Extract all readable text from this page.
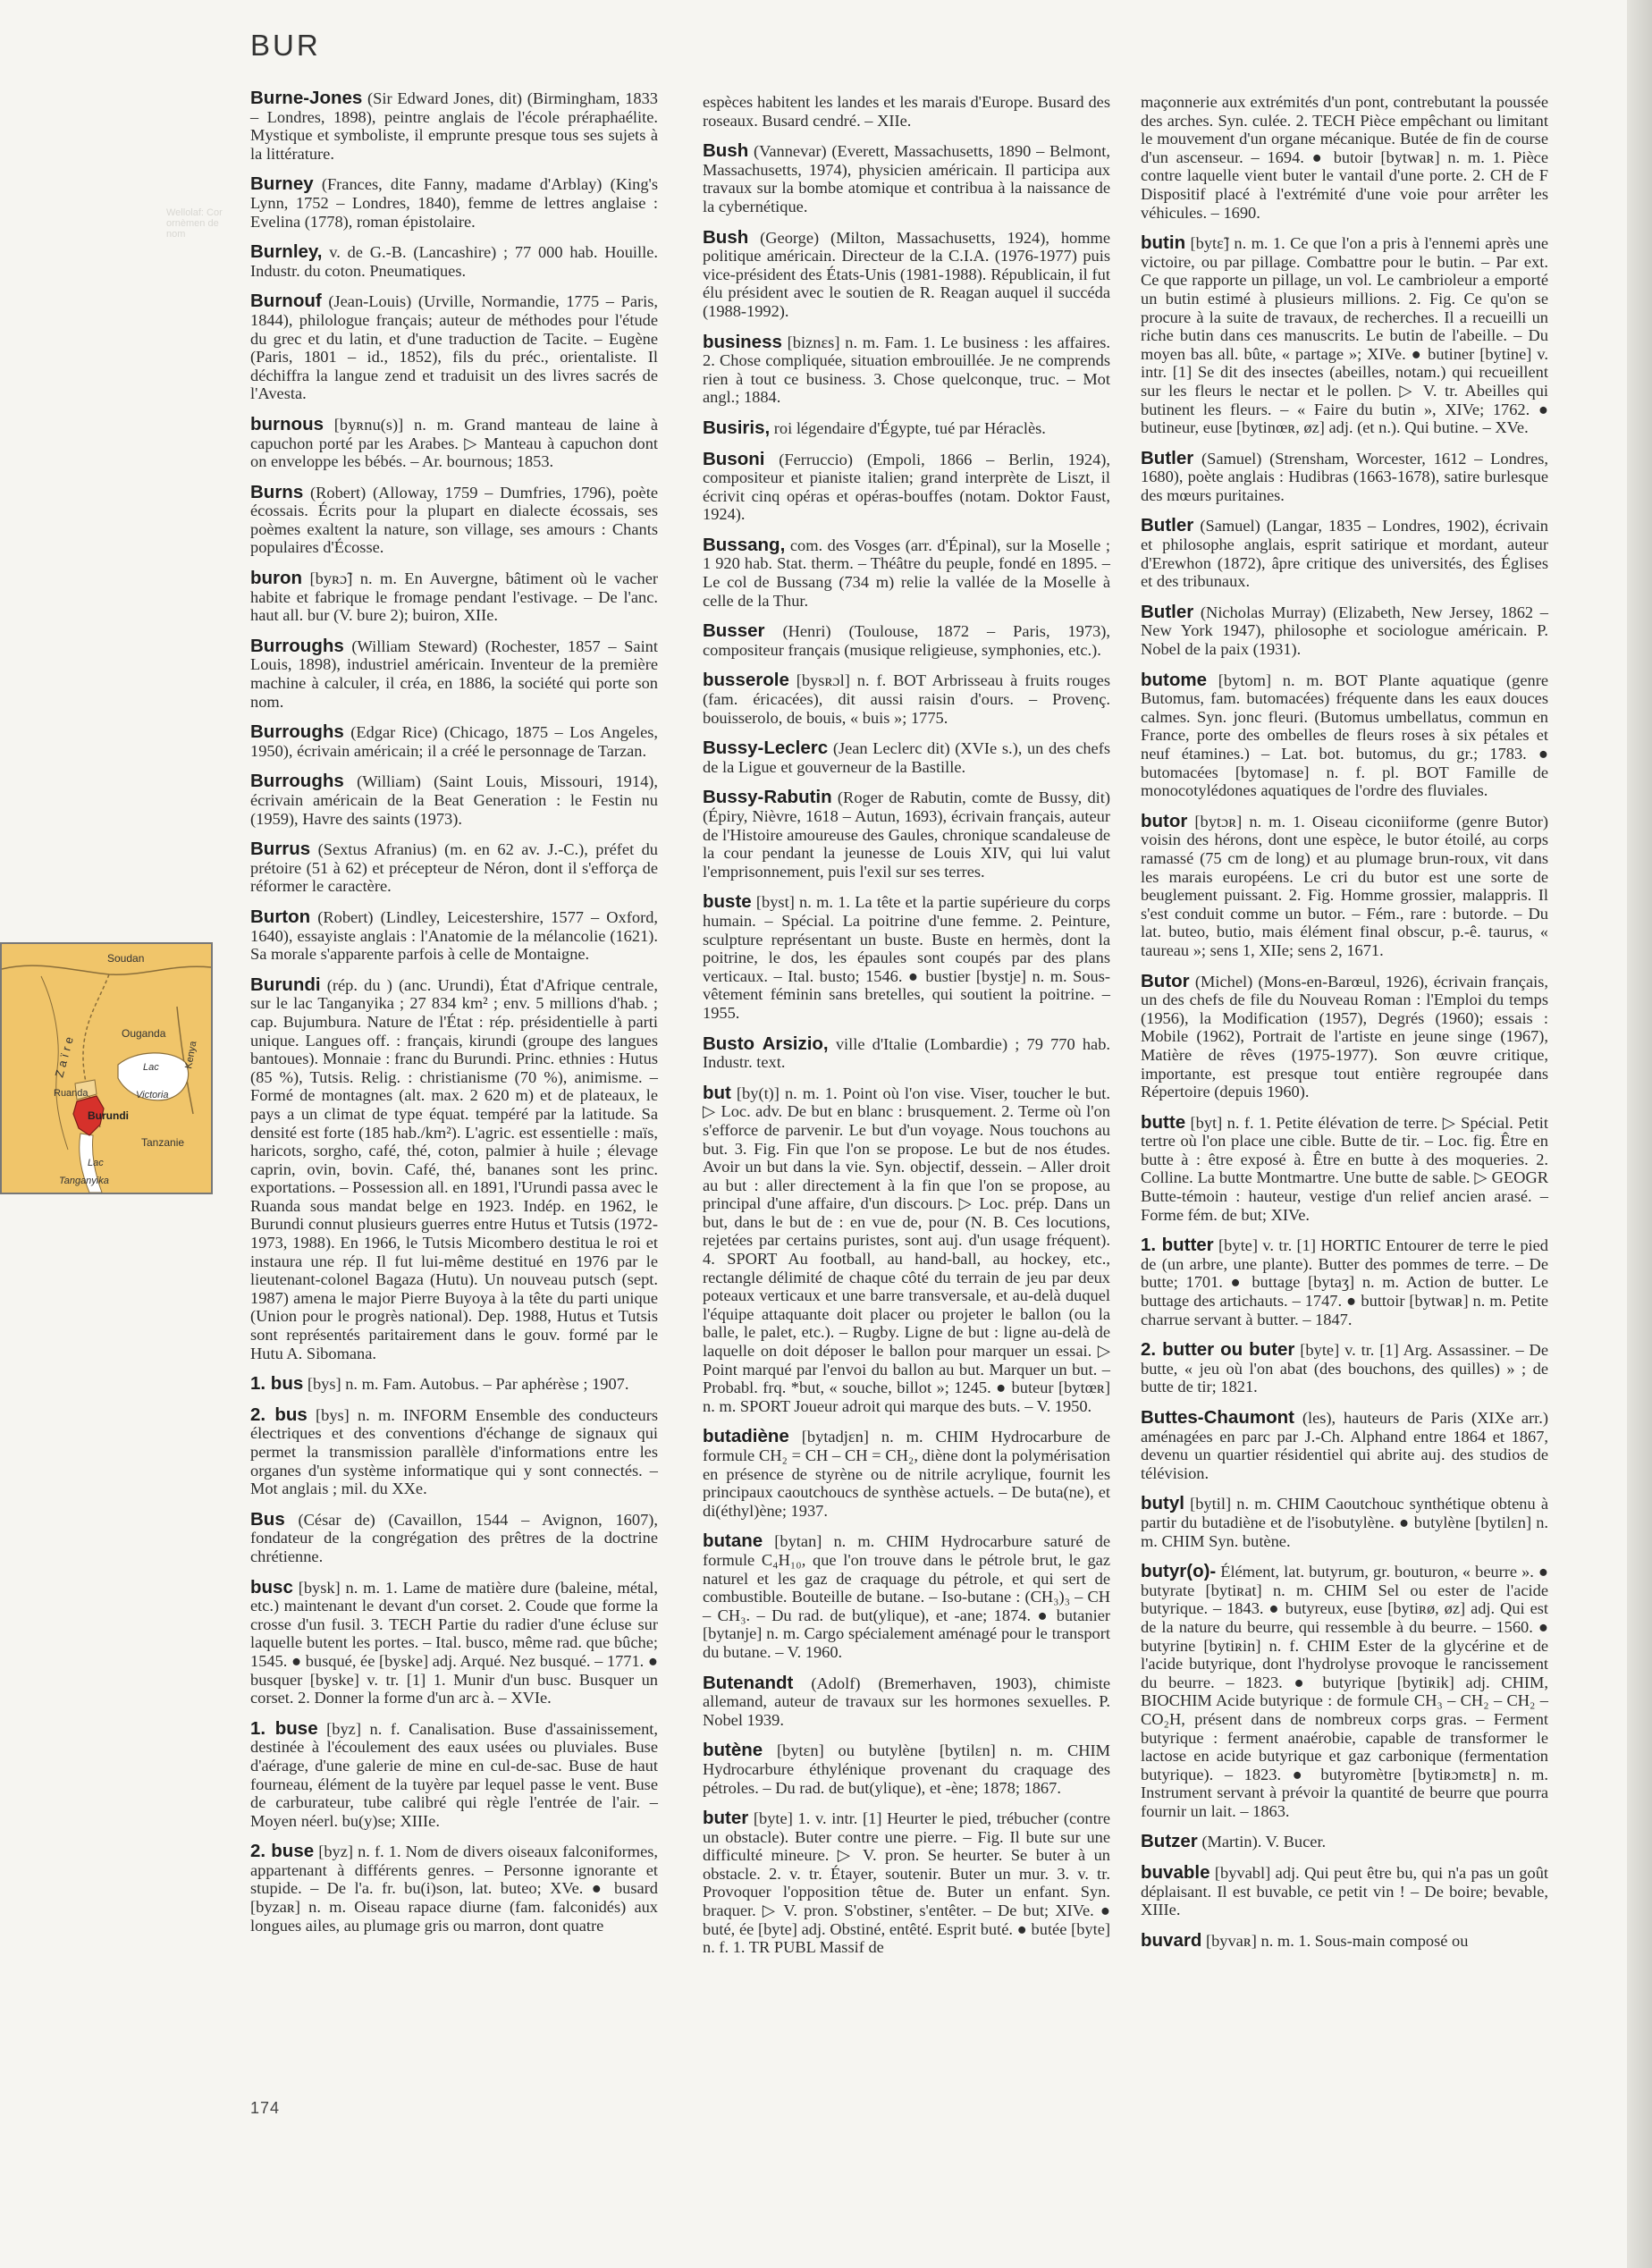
BUR
Wellolaf: Cor ornèmen de nom

Burne-Jones (Sir Edward Jones, dit) (Birmingham, 1833 – Londres, 1898), peintre anglais de l'école préraphaélite. Mystique et symboliste, il emprunte presque tous ses sujets à la littérature.

Burney (Frances, dite Fanny, madame d'Arblay) (King's Lynn, 1752 – Londres, 1840), femme de lettres anglaise : Evelina (1778), roman épistolaire.

Burnley, v. de G.-B. (Lancashire) ; 77 000 hab. Houille. Industr. du coton. Pneumatiques.

Burnouf (Jean-Louis) (Urville, Normandie, 1775 – Paris, 1844), philologue français; auteur de méthodes pour l'étude du grec et du latin, et d'une traduction de Tacite. – Eugène (Paris, 1801 – id., 1852), fils du préc., orientaliste. Il déchiffra la langue zend et traduisit un des livres sacrés de l'Avesta.

burnous [byʀnu(s)] n. m. Grand manteau de laine à capuchon porté par les Arabes. ▷ Manteau à capuchon dont on enveloppe les bébés. – Ar. bournous; 1853.

Burns (Robert) (Alloway, 1759 – Dumfries, 1796), poète écossais. Écrits pour la plupart en dialecte écossais, ses poèmes exaltent la nature, son village, ses amours : Chants populaires d'Écosse.

buron [byʀɔ̃] n. m. En Auvergne, bâtiment où le vacher habite et fabrique le fromage pendant l'estivage. – De l'anc. haut all. bur (V. bure 2); buiron, XIIe.

Burroughs (William Steward) (Rochester, 1857 – Saint Louis, 1898), industriel américain. Inventeur de la première machine à calculer, il créa, en 1886, la société qui porte son nom.

Burroughs (Edgar Rice) (Chicago, 1875 – Los Angeles, 1950), écrivain américain; il a créé le personnage de Tarzan.

Burroughs (William) (Saint Louis, Missouri, 1914), écrivain américain de la Beat Generation : le Festin nu (1959), Havre des saints (1973).

Burrus (Sextus Afranius) (m. en 62 av. J.-C.), préfet du prétoire (51 à 62) et précepteur de Néron, dont il s'efforça de réformer le caractère.

Burton (Robert) (Lindley, Leicestershire, 1577 – Oxford, 1640), essayiste anglais : l'Anatomie de la mélancolie (1621). Sa morale s'apparente parfois à celle de Montaigne.

Burundi (rép. du ) (anc. Urundi), État d'Afrique centrale, sur le lac Tanganyika ; 27 834 km² ; env. 5 millions d'hab. ; cap. Bujumbura. Nature de l'État : rép. présidentielle à parti unique. Langues off. : français, kirundi (groupe des langues bantoues). Monnaie : franc du Burundi. Princ. ethnies : Hutus (85 %), Tutsis. Relig. : christianisme (70 %), animisme. – Formé de montagnes (alt. max. 2 620 m) et de plateaux, le pays a un climat de type équat. tempéré par la latitude. Sa densité est forte (185 hab./km²). L'agric. est essentielle : maïs, haricots, sorgho, café, thé, coton, palmier à huile ; élevage caprin, ovin, bovin. Café, thé, bananes sont les princ. exportations. – Possession all. en 1891, l'Urundi passa avec le Ruanda sous mandat belge en 1923. Indép. en 1962, le Burundi connut plusieurs guerres entre Hutus et Tutsis (1972-1973, 1988). En 1966, le Tutsis Micombero destitua le roi et instaura une rép. Il fut lui-même destitué en 1976 par le lieutenant-colonel Bagaza (Hutu). Un nouveau putsch (sept. 1987) amena le major Pierre Buyoya à la tête du parti unique (Union pour le progrès national). Dep. 1988, Hutus et Tutsis sont représentés paritairement dans le gouv. formé par le Hutu A. Sibomana.

1. bus [bys] n. m. Fam. Autobus. – Par aphérèse ; 1907.

2. bus [bys] n. m. INFORM Ensemble des conducteurs électriques et des conventions d'échange de signaux qui permet la transmission parallèle d'informations entre les organes d'un système informatique qui y sont connectés. – Mot anglais ; mil. du XXe.

Bus (César de) (Cavaillon, 1544 – Avignon, 1607), fondateur de la congrégation des prêtres de la doctrine chrétienne.

busc [bysk] n. m. 1. Lame de matière dure (baleine, métal, etc.) maintenant le devant d'un corset. 2. Coude que forme la crosse d'un fusil. 3. TECH Partie du radier d'une écluse sur laquelle butent les portes. – Ital. busco, même rad. que bûche; 1545. ● busqué, ée [byske] adj. Arqué. Nez busqué. – 1771. ● busquer [byske] v. tr. [1] 1. Munir d'un busc. Busquer un corset. 2. Donner la forme d'un arc à. – XVIe.

1. buse [byz] n. f. Canalisation. Buse d'assainissement, destinée à l'écoulement des eaux usées ou pluviales. Buse d'aérage, d'une galerie de mine en cul-de-sac. Buse de haut fourneau, élément de la tuyère par lequel passe le vent. Buse de carburateur, tube calibré qui règle l'entrée de l'air. – Moyen néerl. bu(y)se; XIIIe.

2. buse [byz] n. f. 1. Nom de divers oiseaux falconiformes, appartenant à différents genres. – Personne ignorante et stupide. – De l'a. fr. bu(i)son, lat. buteo; XVe. ● busard [byzaʀ] n. m. Oiseau rapace diurne (fam. falconidés) aux longues ailes, au plumage gris ou marron, dont quatre

espèces habitent les landes et les marais d'Europe. Busard des roseaux. Busard cendré. – XIIe.

Bush (Vannevar) (Everett, Massachusetts, 1890 – Belmont, Massachusetts, 1974), physicien américain. Il participa aux travaux sur la bombe atomique et contribua à la naissance de la cybernétique.

Bush (George) (Milton, Massachusetts, 1924), homme politique américain. Directeur de la C.I.A. (1976-1977) puis vice-président des États-Unis (1981-1988). Républicain, il fut élu président avec le soutien de R. Reagan auquel il succéda (1988-1992).

business [biznɛs] n. m. Fam. 1. Le business : les affaires. 2. Chose compliquée, situation embrouillée. Je ne comprends rien à tout ce business. 3. Chose quelconque, truc. – Mot angl.; 1884.

Busiris, roi légendaire d'Égypte, tué par Héraclès.

Busoni (Ferruccio) (Empoli, 1866 – Berlin, 1924), compositeur et pianiste italien; grand interprète de Liszt, il écrivit cinq opéras et opéras-bouffes (notam. Doktor Faust, 1924).

Bussang, com. des Vosges (arr. d'Épinal), sur la Moselle ; 1 920 hab. Stat. therm. – Théâtre du peuple, fondé en 1895. – Le col de Bussang (734 m) relie la vallée de la Moselle à celle de la Thur.

Busser (Henri) (Toulouse, 1872 – Paris, 1973), compositeur français (musique religieuse, symphonies, etc.).

busserole [bysʀɔl] n. f. BOT Arbrisseau à fruits rouges (fam. éricacées), dit aussi raisin d'ours. – Provenç. bouisserolo, de bouis, « buis »; 1775.

Bussy-Leclerc (Jean Leclerc dit) (XVIe s.), un des chefs de la Ligue et gouverneur de la Bastille.

Bussy-Rabutin (Roger de Rabutin, comte de Bussy, dit) (Épiry, Nièvre, 1618 – Autun, 1693), écrivain français, auteur de l'Histoire amoureuse des Gaules, chronique scandaleuse de la cour pendant la jeunesse de Louis XIV, qui lui valut l'emprisonnement, puis l'exil sur ses terres.

buste [byst] n. m. 1. La tête et la partie supérieure du corps humain. – Spécial. La poitrine d'une femme. 2. Peinture, sculpture représentant un buste. Buste en hermès, dont la poitrine, le dos, les épaules sont coupés par des plans verticaux. – Ital. busto; 1546. ● bustier [bystje] n. m. Sous-vêtement féminin sans bretelles, qui soutient la poitrine. – 1955.

Busto Arsizio, ville d'Italie (Lombardie) ; 79 770 hab. Industr. text.

but [by(t)] n. m. 1. Point où l'on vise. Viser, toucher le but. ▷ Loc. adv. De but en blanc : brusquement. 2. Terme où l'on s'efforce de parvenir. Le but d'un voyage. Nous touchons au but. 3. Fig. Fin que l'on se propose. Le but de nos études. Avoir un but dans la vie. Syn. objectif, dessein. – Aller droit au but : aller directement à la fin que l'on se propose, au principal d'une affaire, d'un discours. ▷ Loc. prép. Dans un but, dans le but de : en vue de, pour (N. B. Ces locutions, rejetées par certains puristes, sont auj. d'un usage fréquent). 4. SPORT Au football, au hand-ball, au hockey, etc., rectangle délimité de chaque côté du terrain de jeu par deux poteaux verticaux et une barre transversale, et au-delà duquel l'équipe attaquante doit placer ou projeter le ballon (ou la balle, le palet, etc.). – Rugby. Ligne de but : ligne au-delà de laquelle on doit déposer le ballon pour marquer un essai. ▷ Point marqué par l'envoi du ballon au but. Marquer un but. – Probabl. frq. *but, « souche, billot »; 1245. ● buteur [bytœʀ] n. m. SPORT Joueur adroit qui marque des buts. – V. 1950.

butadiène [bytadjɛn] n. m. CHIM Hydrocarbure de formule CH₂ = CH – CH = CH₂, diène dont la polymérisation en présence de styrène ou de nitrile acrylique, fournit les principaux caoutchoucs de synthèse actuels. – De buta(ne), et di(éthyl)ène; 1937.

butane [bytan] n. m. CHIM Hydrocarbure saturé de formule C₄H₁₀, que l'on trouve dans le pétrole brut, le gaz naturel et les gaz de craquage du pétrole, et qui sert de combustible. Bouteille de butane. – Iso-butane : (CH₃)₃ – CH – CH₃. – Du rad. de but(ylique), et -ane; 1874. ● butanier [bytanje] n. m. Cargo spécialement aménagé pour le transport du butane. – V. 1960.

Butenandt (Adolf) (Bremerhaven, 1903), chimiste allemand, auteur de travaux sur les hormones sexuelles. P. Nobel 1939.

butène [bytɛn] ou butylène [bytilɛn] n. m. CHIM Hydrocarbure éthylénique provenant du craquage des pétroles. – Du rad. de but(ylique), et -ène; 1878; 1867.

buter [byte] 1. v. intr. [1] Heurter le pied, trébucher (contre un obstacle). Buter contre une pierre. – Fig. Il bute sur une difficulté mineure. ▷ V. pron. Se heurter. Se buter à un obstacle. 2. v. tr. Étayer, soutenir. Buter un mur. 3. v. tr. Provoquer l'opposition têtue de. Buter un enfant. Syn. braquer. ▷ V. pron. S'obstiner, s'entêter. – De but; XIVe. ● buté, ée [byte] adj. Obstiné, entêté. Esprit buté. ● butée [byte] n. f. 1. TR PUBL Massif de

maçonnerie aux extrémités d'un pont, contrebutant la poussée des arches. Syn. culée. 2. TECH Pièce empêchant ou limitant le mouvement d'un organe mécanique. Butée de fin de course d'un ascenseur. – 1694. ● butoir [bytwaʀ] n. m. 1. Pièce contre laquelle vient buter le vantail d'une porte. 2. CH de F Dispositif placé à l'extrémité d'une voie pour arrêter les véhicules. – 1690.

butin [bytɛ̃] n. m. 1. Ce que l'on a pris à l'ennemi après une victoire, ou par pillage. Combattre pour le butin. – Par ext. Ce que rapporte un pillage, un vol. Le cambrioleur a emporté un butin estimé à plusieurs millions. 2. Fig. Ce qu'on se procure à la suite de travaux, de recherches. Il a recueilli un riche butin dans ces manuscrits. Le butin de l'abeille. – Du moyen bas all. bûte, « partage »; XIVe. ● butiner [bytine] v. intr. [1] Se dit des insectes (abeilles, notam.) qui recueillent sur les fleurs le nectar et le pollen. ▷ V. tr. Abeilles qui butinent les fleurs. – « Faire du butin », XIVe; 1762. ● butineur, euse [bytinœʀ, øz] adj. (et n.). Qui butine. – XVe.

Butler (Samuel) (Strensham, Worcester, 1612 – Londres, 1680), poète anglais : Hudibras (1663-1678), satire burlesque des mœurs puritaines.

Butler (Samuel) (Langar, 1835 – Londres, 1902), écrivain et philosophe anglais, esprit satirique et mordant, auteur d'Erewhon (1872), âpre critique des universités, des Églises et des tribunaux.

Butler (Nicholas Murray) (Elizabeth, New Jersey, 1862 – New York 1947), philosophe et sociologue américain. P. Nobel de la paix (1931).

butome [bytom] n. m. BOT Plante aquatique (genre Butomus, fam. butomacées) fréquente dans les eaux douces calmes. Syn. jonc fleuri. (Butomus umbellatus, commun en France, porte des ombelles de fleurs roses à six pétales et neuf étamines.) – Lat. bot. butomus, du gr.; 1783. ● butomacées [bytomase] n. f. pl. BOT Famille de monocotylédones aquatiques de l'ordre des fluviales.

butor [bytɔʀ] n. m. 1. Oiseau ciconiiforme (genre Butor) voisin des hérons, dont une espèce, le butor étoilé, au corps ramassé (75 cm de long) et au plumage brun-roux, vit dans les marais européens. Le cri du butor est une sorte de beuglement puissant. 2. Fig. Homme grossier, malappris. Il s'est conduit comme un butor. – Fém., rare : butorde. – Du lat. buteo, butio, mais élément final obscur, p.-ê. taurus, « taureau »; sens 1, XIIe; sens 2, 1671.

Butor (Michel) (Mons-en-Barœul, 1926), écrivain français, un des chefs de file du Nouveau Roman : l'Emploi du temps (1956), la Modification (1957), Degrés (1960); essais : Mobile (1962), Portrait de l'artiste en jeune singe (1967), Matière de rêves (1975-1977). Son œuvre critique, importante, est presque tout entière regroupée dans Répertoire (depuis 1960).

butte [byt] n. f. 1. Petite élévation de terre. ▷ Spécial. Petit tertre où l'on place une cible. Butte de tir. – Loc. fig. Être en butte à : être exposé à. Être en butte à des moqueries. 2. Colline. La butte Montmartre. Une butte de sable. ▷ GEOGR Butte-témoin : hauteur, vestige d'un relief ancien arasé. – Forme fém. de but; XIVe.

1. butter [byte] v. tr. [1] HORTIC Entourer de terre le pied de (un arbre, une plante). Butter des pommes de terre. – De butte; 1701. ● buttage [bytaʒ] n. m. Action de butter. Le buttage des artichauts. – 1747. ● buttoir [bytwaʀ] n. m. Petite charrue servant à butter. – 1847.

2. butter ou buter [byte] v. tr. [1] Arg. Assassiner. – De butte, « jeu où l'on abat (des bouchons, des quilles) » ; de butte de tir; 1821.

Buttes-Chaumont (les), hauteurs de Paris (XIXe arr.) aménagées en parc par J.-Ch. Alphand entre 1864 et 1867, devenu un quartier résidentiel qui abrite auj. des studios de télévision.

butyl [bytil] n. m. CHIM Caoutchouc synthétique obtenu à partir du butadiène et de l'isobutylène. ● butylène [bytilɛn] n. m. CHIM Syn. butène.

butyr(o)- Élément, lat. butyrum, gr. bouturon, « beurre ». ● butyrate [bytiʀat] n. m. CHIM Sel ou ester de l'acide butyrique. – 1843. ● butyreux, euse [bytiʀø, øz] adj. Qui est de la nature du beurre, qui ressemble à du beurre. – 1560. ● butyrine [bytiʀin] n. f. CHIM Ester de la glycérine et de l'acide butyrique, dont l'hydrolyse provoque le rancissement du beurre. – 1823. ● butyrique [bytiʀik] adj. CHIM, BIOCHIM Acide butyrique : de formule CH₃ – CH₂ – CH₂ – CO₂H, présent dans de nombreux corps gras. – Ferment butyrique : ferment anaérobie, capable de transformer le lactose en acide butyrique et gaz carbonique (fermentation butyrique). – 1823. ● butyromètre [bytiʀɔmɛtʀ] n. m. Instrument servant à prévoir la quantité de beurre que pourra fournir un lait. – 1863.

Butzer (Martin). V. Bucer.

buvable [byvabl] adj. Qui peut être bu, qui n'a pas un goût déplaisant. Il est buvable, ce petit vin ! – De boire; bevable, XIIIe.

buvard [byvaʀ] n. m. 1. Sous-main composé ou

Soudan
Ouganda
Kenya
Zaïre	Lac
Victoria
Ruanda
Burundi
Tanzanie
Lac
Tanganyika
174
